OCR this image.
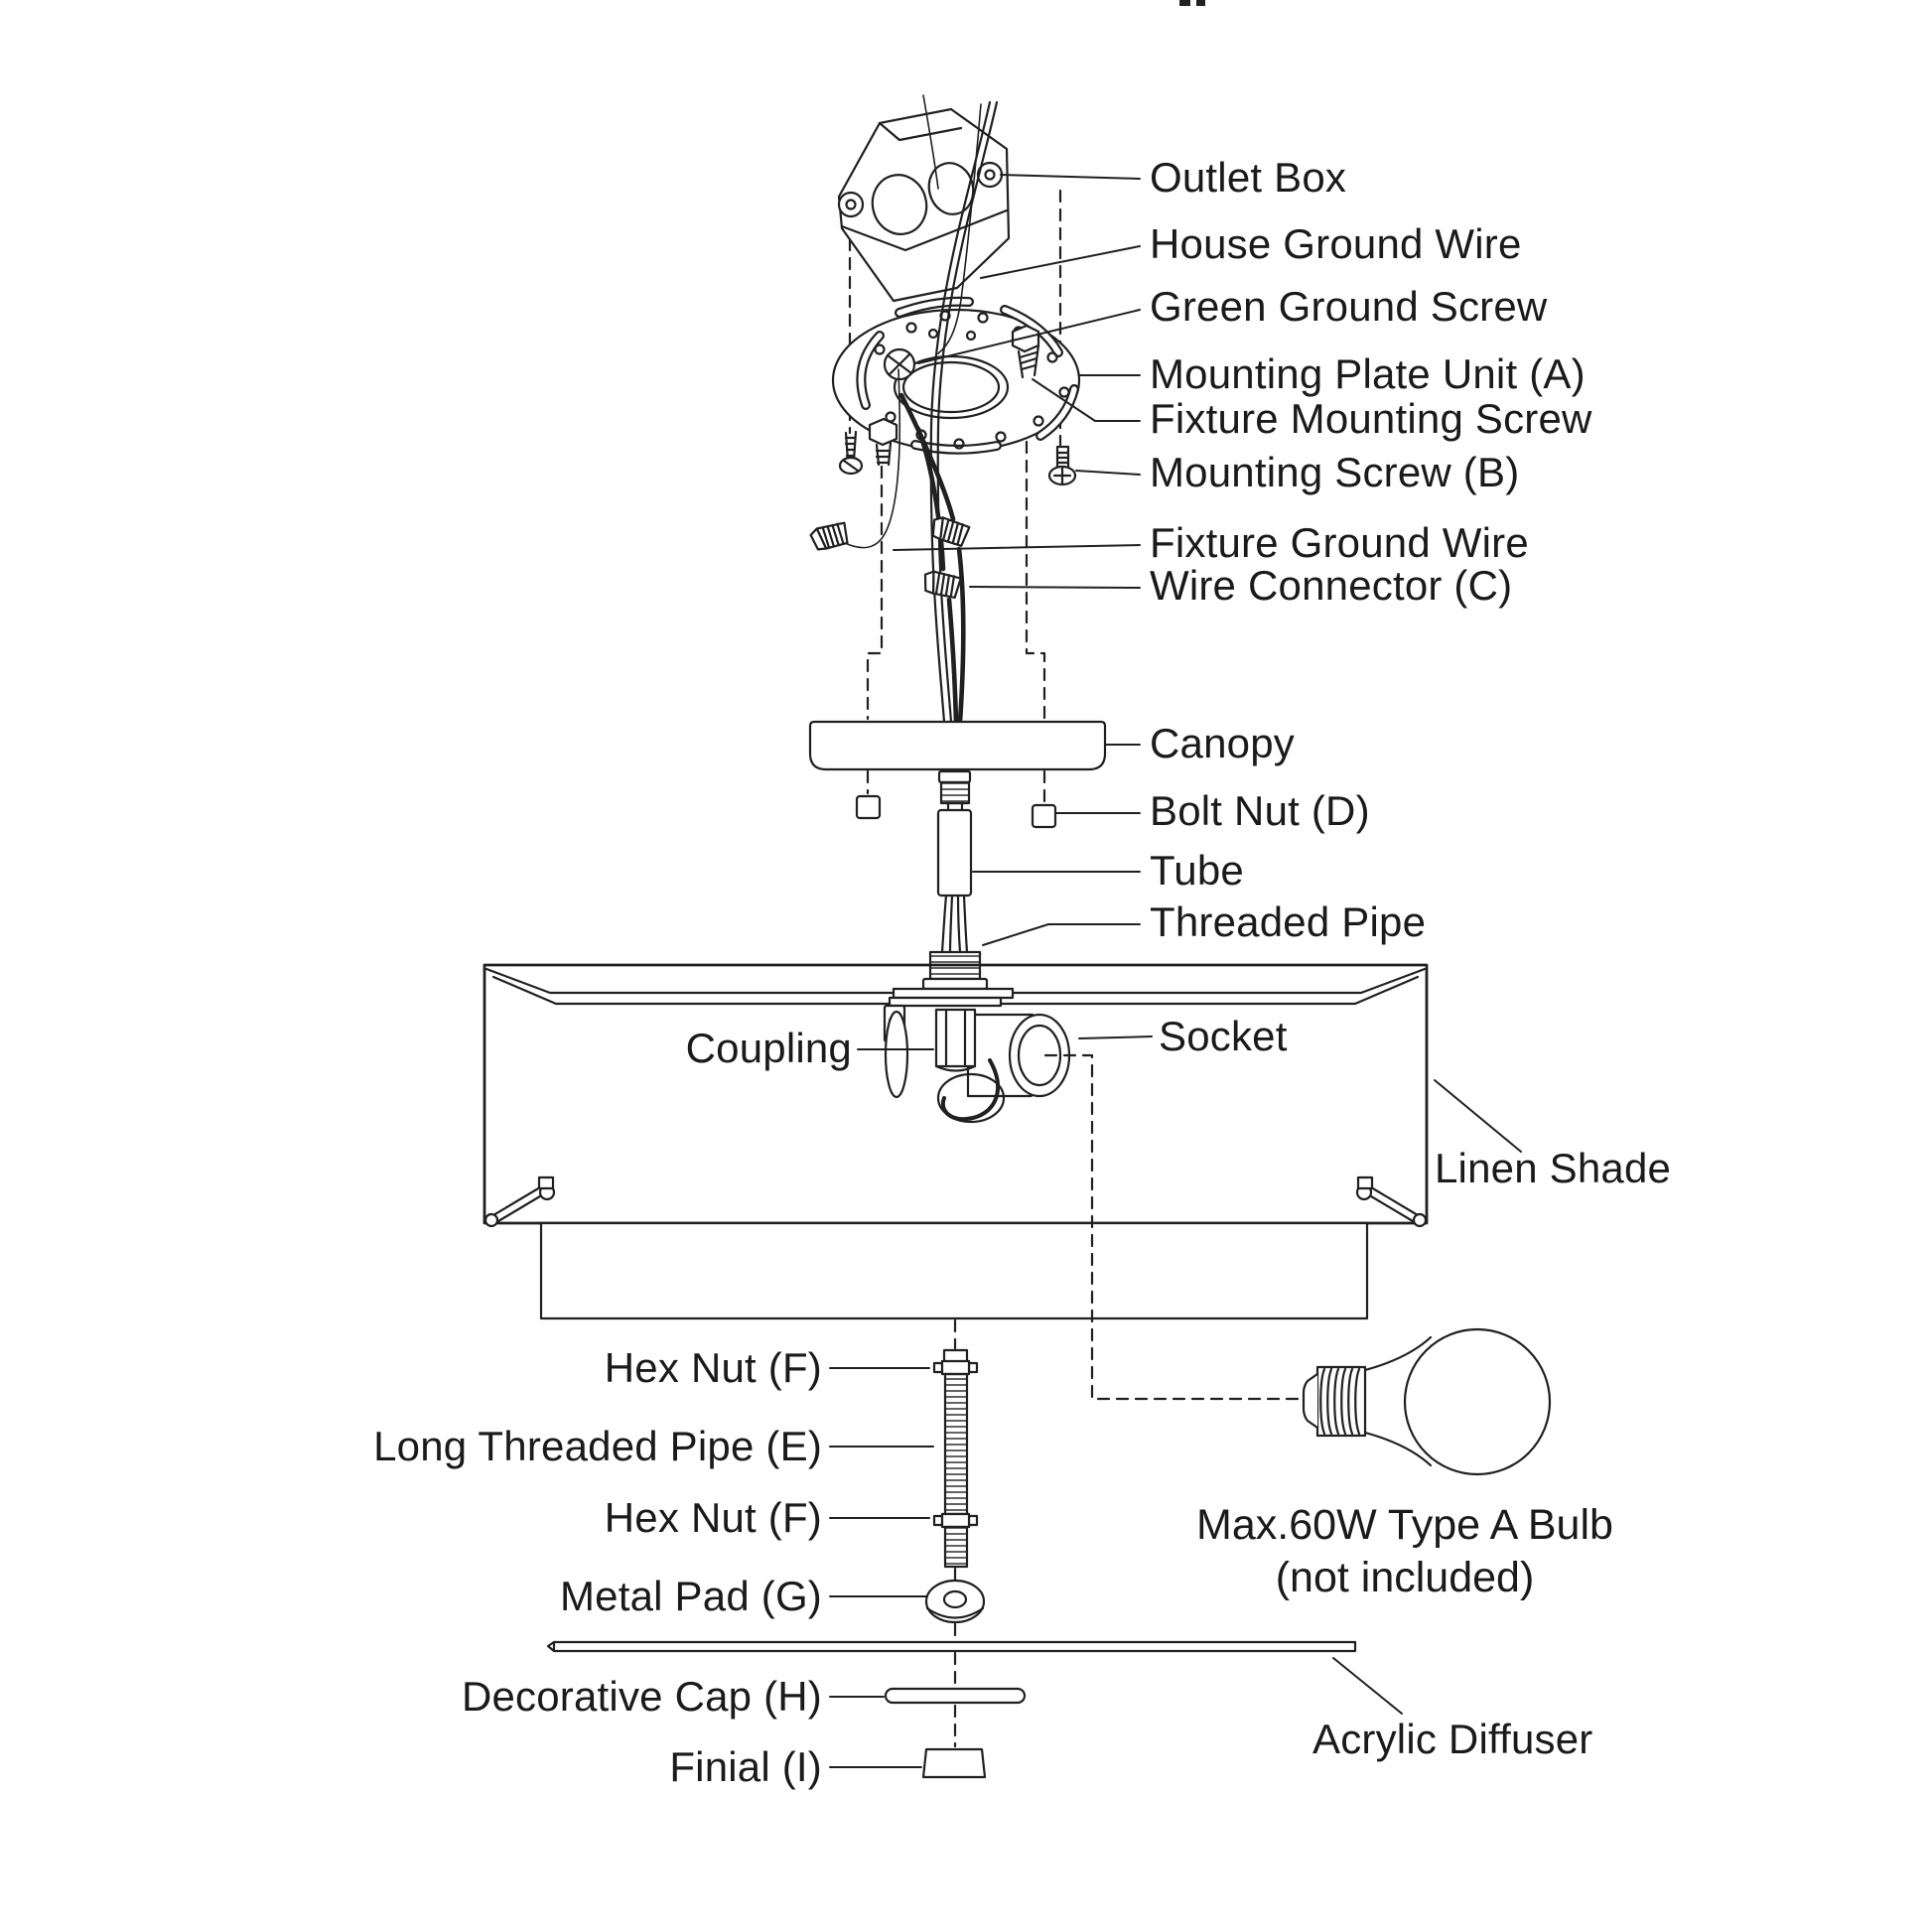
Outlet Box
House Ground Wire
Green Ground Screw
Mounting Plate Unit (A)
Fixture Mounting Screw
Mounting Screw (B)
Fixture Ground Wire
Wire Connector (C)
Canopy
Bolt Nut (D)
Tube
Threaded Pipe
Socket
Linen Shade
Acrylic Diffuser
Coupling
Hex Nut (F)
Long Threaded Pipe (E)
Hex Nut (F)
Metal Pad (G)
Decorative Cap (H)
Finial (I)
Max.60W Type A Bulb
(not included)
